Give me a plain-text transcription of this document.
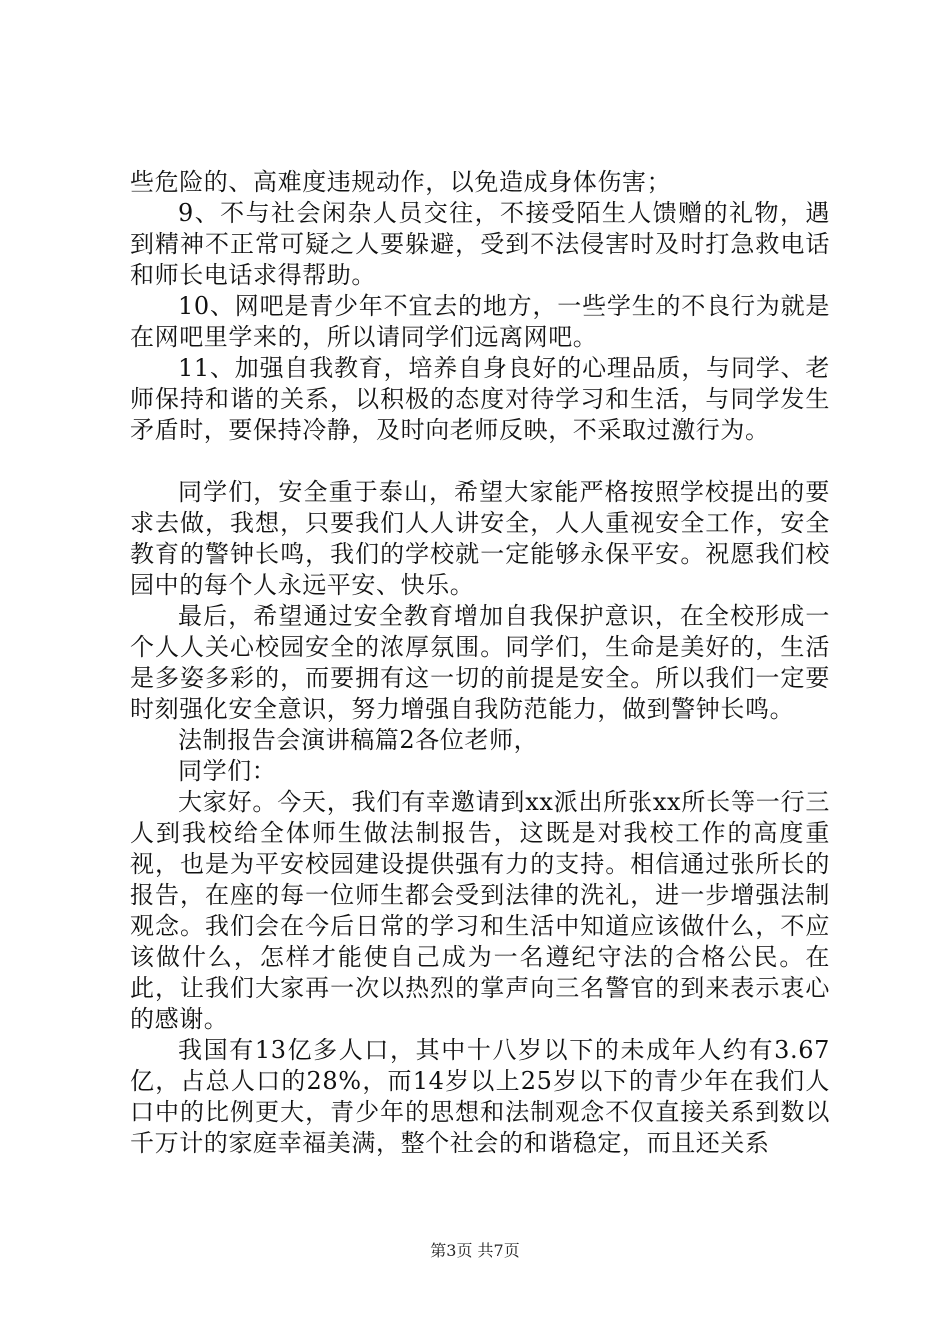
些危险的、高难度违规动作，以免造成身体伤害；

9、不与社会闲杂人员交往，不接受陌生人馈赠的礼物，遇到精神不正常可疑之人要躲避，受到不法侵害时及时打急救电话和师长电话求得帮助。

10、网吧是青少年不宜去的地方，一些学生的不良行为就是在网吧里学来的，所以请同学们远离网吧。

11、加强自我教育，培养自身良好的心理品质，与同学、老师保持和谐的关系，以积极的态度对待学习和生活，与同学发生矛盾时，要保持冷静，及时向老师反映，不采取过激行为。

同学们，安全重于泰山，希望大家能严格按照学校提出的要求去做，我想，只要我们人人讲安全，人人重视安全工作，安全教育的警钟长鸣，我们的学校就一定能够永保平安。祝愿我们校园中的每个人永远平安、快乐。

最后，希望通过安全教育增加自我保护意识，在全校形成一个人人关心校园安全的浓厚氛围。同学们，生命是美好的，生活是多姿多彩的，而要拥有这一切的前提是安全。所以我们一定要时刻强化安全意识，努力增强自我防范能力，做到警钟长鸣。

法制报告会演讲稿篇2各位老师，

同学们：

大家好。今天，我们有幸邀请到xx派出所张xx所长等一行三人到我校给全体师生做法制报告，这既是对我校工作的高度重视，也是为平安校园建设提供强有力的支持。相信通过张所长的报告，在座的每一位师生都会受到法律的洗礼，进一步增强法制观念。我们会在今后日常的学习和生活中知道应该做什么，不应该做什么，怎样才能使自己成为一名遵纪守法的合格公民。在此，让我们大家再一次以热烈的掌声向三名警官的到来表示衷心的感谢。

我国有13亿多人口，其中十八岁以下的未成年人约有3.67亿，占总人口的28%，而14岁以上25岁以下的青少年在我们人口中的比例更大，青少年的思想和法制观念不仅直接关系到数以千万计的家庭幸福美满，整个社会的和谐稳定，而且还关系

第3页 共7页
